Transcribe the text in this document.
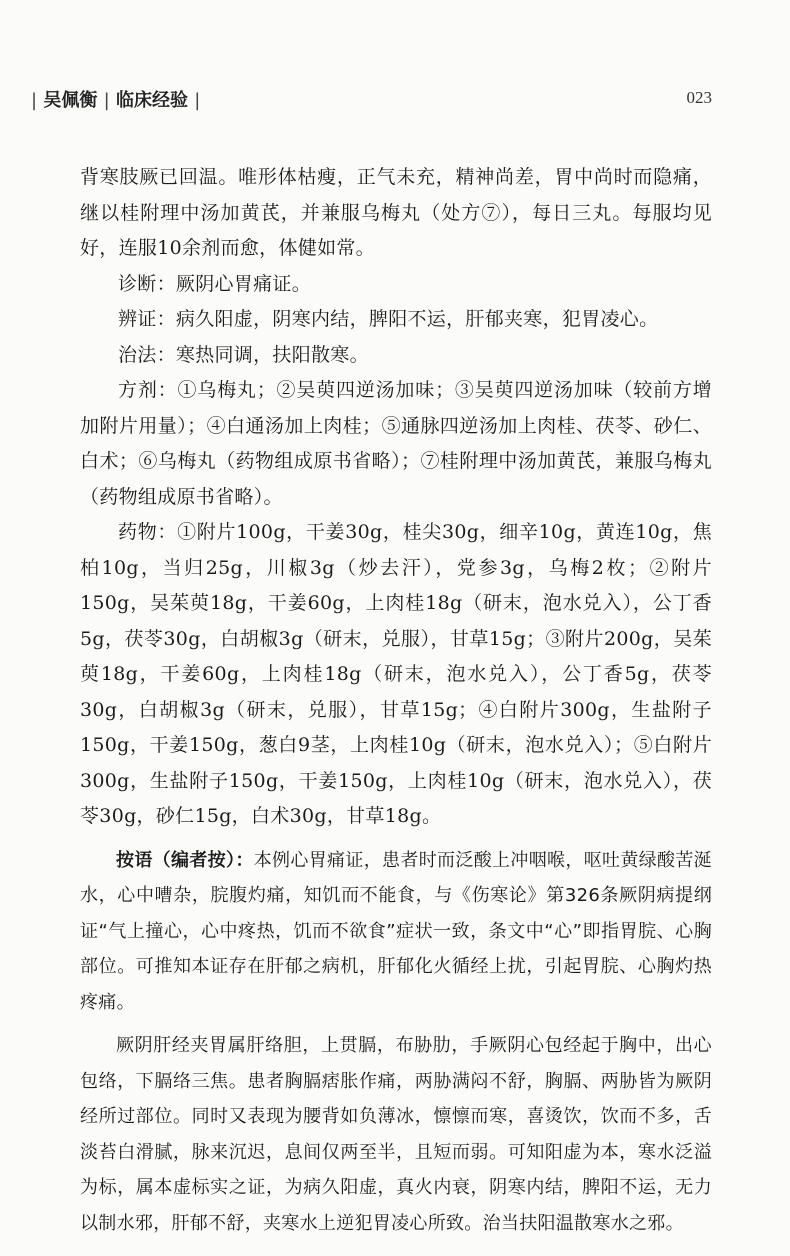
| 吴佩衡 | 临床经验 |	023

背寒肢厥已回温。唯形体枯瘦，正气未充，精神尚差，胃中尚时而隐痛，继以桂附理中汤加黄芪，并兼服乌梅丸（处方⑦），每日三丸。每服均见好，连服10余剂而愈，体健如常。

诊断：厥阴心胃痛证。

辨证：病久阳虚，阴寒内结，脾阳不运，肝郁夹寒，犯胃凌心。

治法：寒热同调，扶阳散寒。

方剂：①乌梅丸；②吴萸四逆汤加味；③吴萸四逆汤加味（较前方增加附片用量）；④白通汤加上肉桂；⑤通脉四逆汤加上肉桂、茯苓、砂仁、白术；⑥乌梅丸（药物组成原书省略）；⑦桂附理中汤加黄芪，兼服乌梅丸（药物组成原书省略）。

药物：①附片100g，干姜30g，桂尖30g，细辛10g，黄连10g，焦柏10g，当归25g，川椒3g（炒去汗），党参3g，乌梅2枚；②附片150g，吴茱萸18g，干姜60g，上肉桂18g（研末，泡水兑入），公丁香5g，茯苓30g，白胡椒3g（研末，兑服），甘草15g；③附片200g，吴茱萸18g，干姜60g，上肉桂18g（研末，泡水兑入），公丁香5g，茯苓30g，白胡椒3g（研末，兑服），甘草15g；④白附片300g，生盐附子150g，干姜150g，葱白9茎，上肉桂10g（研末，泡水兑入）；⑤白附片300g，生盐附子150g，干姜150g，上肉桂10g（研末，泡水兑入），茯苓30g，砂仁15g，白术30g，甘草18g。

按语（编者按）：本例心胃痛证，患者时而泛酸上冲咽喉，呕吐黄绿酸苦涎水，心中嘈杂，脘腹灼痛，知饥而不能食，与《伤寒论》第326条厥阴病提纲证“气上撞心，心中疼热，饥而不欲食”症状一致，条文中“心”即指胃脘、心胸部位。可推知本证存在肝郁之病机，肝郁化火循经上扰，引起胃脘、心胸灼热疼痛。

厥阴肝经夹胃属肝络胆，上贯膈，布胁肋，手厥阴心包经起于胸中，出心包络，下膈络三焦。患者胸膈痞胀作痛，两胁满闷不舒，胸膈、两胁皆为厥阴经所过部位。同时又表现为腰背如负薄冰，懔懔而寒，喜烫饮，饮而不多，舌淡苔白滑腻，脉来沉迟，息间仅两至半，且短而弱。可知阳虚为本，寒水泛溢为标，属本虚标实之证，为病久阳虚，真火内衰，阴寒内结，脾阳不运，无力以制水邪，肝郁不舒，夹寒水上逆犯胃凌心所致。治当扶阳温散寒水之邪。
